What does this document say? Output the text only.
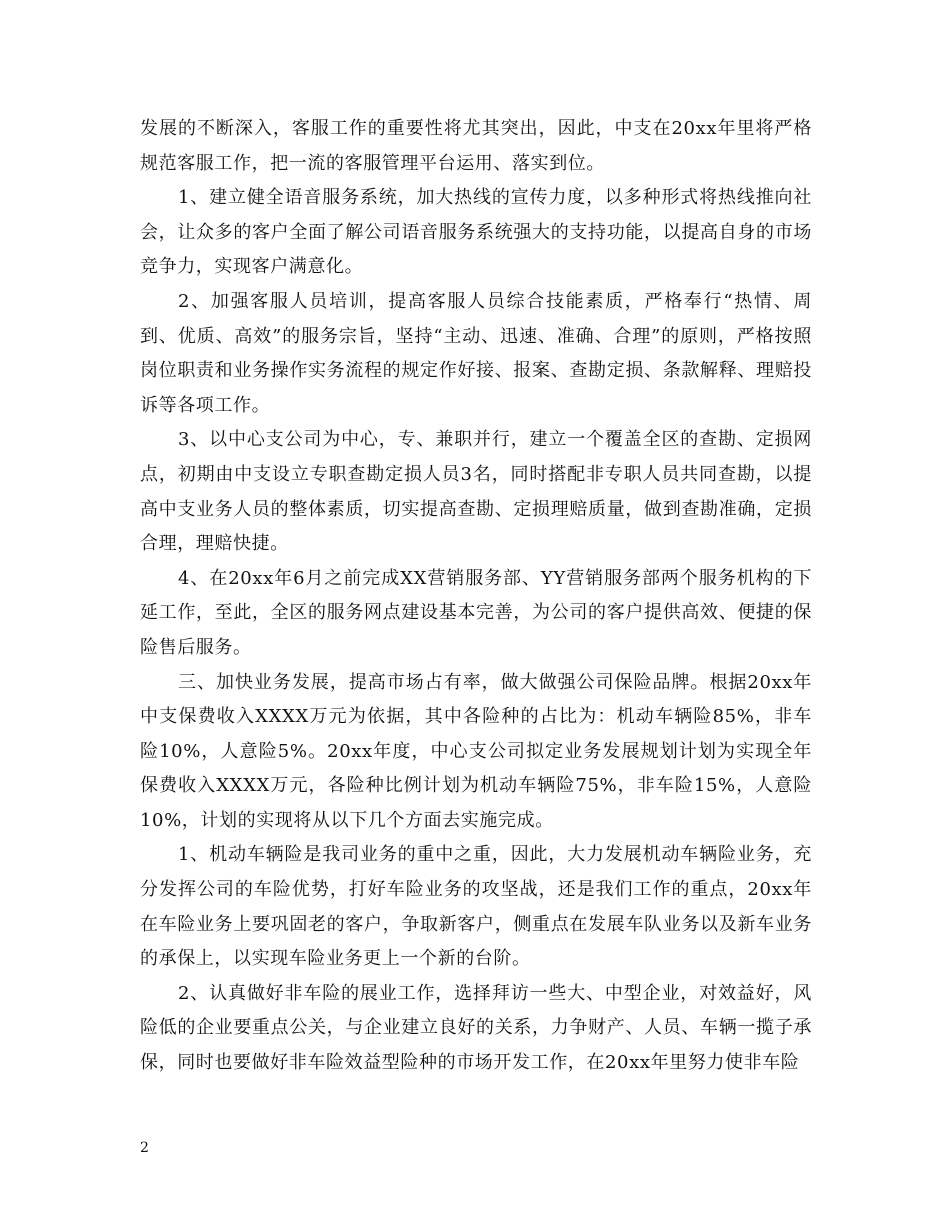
发展的不断深入，客服工作的重要性将尤其突出，因此，中支在20xx年里将严格规范客服工作，把一流的客服管理平台运用、落实到位。

1、建立健全语音服务系统，加大热线的宣传力度，以多种形式将热线推向社会，让众多的客户全面了解公司语音服务系统强大的支持功能，以提高自身的市场竞争力，实现客户满意化。

2、加强客服人员培训，提高客服人员综合技能素质，严格奉行“热情、周到、优质、高效”的服务宗旨，坚持“主动、迅速、准确、合理”的原则，严格按照岗位职责和业务操作实务流程的规定作好接、报案、查勘定损、条款解释、理赔投诉等各项工作。

3、以中心支公司为中心，专、兼职并行，建立一个覆盖全区的查勘、定损网点，初期由中支设立专职查勘定损人员3名，同时搭配非专职人员共同查勘，以提高中支业务人员的整体素质，切实提高查勘、定损理赔质量，做到查勘准确，定损合理，理赔快捷。

4、在20xx年6月之前完成XX营销服务部、YY营销服务部两个服务机构的下延工作，至此，全区的服务网点建设基本完善，为公司的客户提供高效、便捷的保险售后服务。

三、加快业务发展，提高市场占有率，做大做强公司保险品牌。根据20xx年中支保费收入XXXX万元为依据，其中各险种的占比为：机动车辆险85%，非车险10%，人意险5%。20xx年度，中心支公司拟定业务发展规划计划为实现全年保费收入XXXX万元，各险种比例计划为机动车辆险75%，非车险15%，人意险10%，计划的实现将从以下几个方面去实施完成。

1、机动车辆险是我司业务的重中之重，因此，大力发展机动车辆险业务，充分发挥公司的车险优势，打好车险业务的攻坚战，还是我们工作的重点，20xx年在车险业务上要巩固老的客户，争取新客户，侧重点在发展车队业务以及新车业务的承保上，以实现车险业务更上一个新的台阶。

2、认真做好非车险的展业工作，选择拜访一些大、中型企业，对效益好，风险低的企业要重点公关，与企业建立良好的关系，力争财产、人员、车辆一揽子承保，同时也要做好非车险效益型险种的市场开发工作，在20xx年里努力使非车险

2
